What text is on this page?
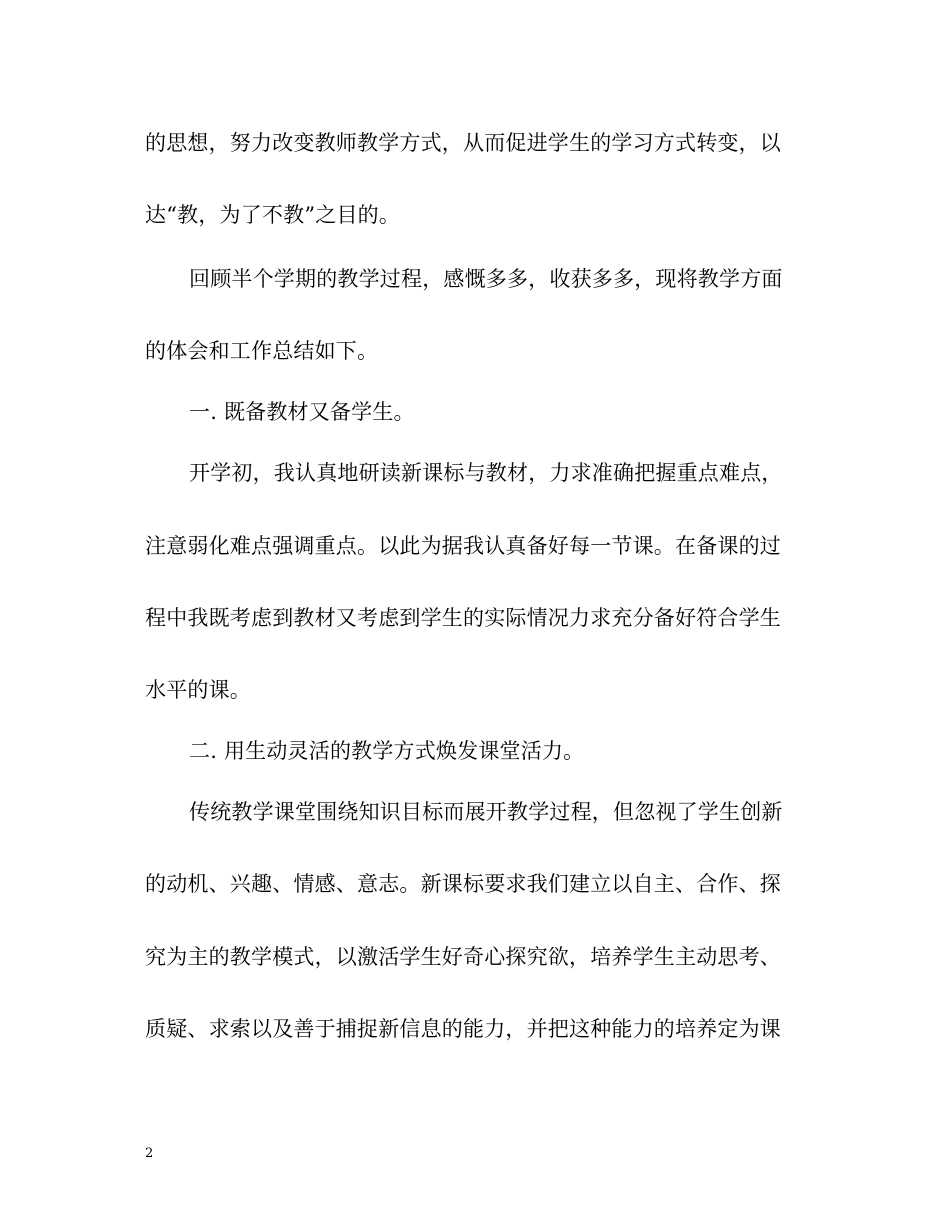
的思想，努力改变教师教学方式，从而促进学生的学习方式转变，以
达“教，为了不教”之目的。
回顾半个学期的教学过程，感慨多多，收获多多，现将教学方面
的体会和工作总结如下。
一. 既备教材又备学生。
开学初，我认真地研读新课标与教材，力求准确把握重点难点，
注意弱化难点强调重点。以此为据我认真备好每一节课。在备课的过
程中我既考虑到教材又考虑到学生的实际情况力求充分备好符合学生
水平的课。
二. 用生动灵活的教学方式焕发课堂活力。
传统教学课堂围绕知识目标而展开教学过程，但忽视了学生创新
的动机、兴趣、情感、意志。新课标要求我们建立以自主、合作、探
究为主的教学模式，以激活学生好奇心探究欲，培养学生主动思考、
质疑、求索以及善于捕捉新信息的能力，并把这种能力的培养定为课
2
